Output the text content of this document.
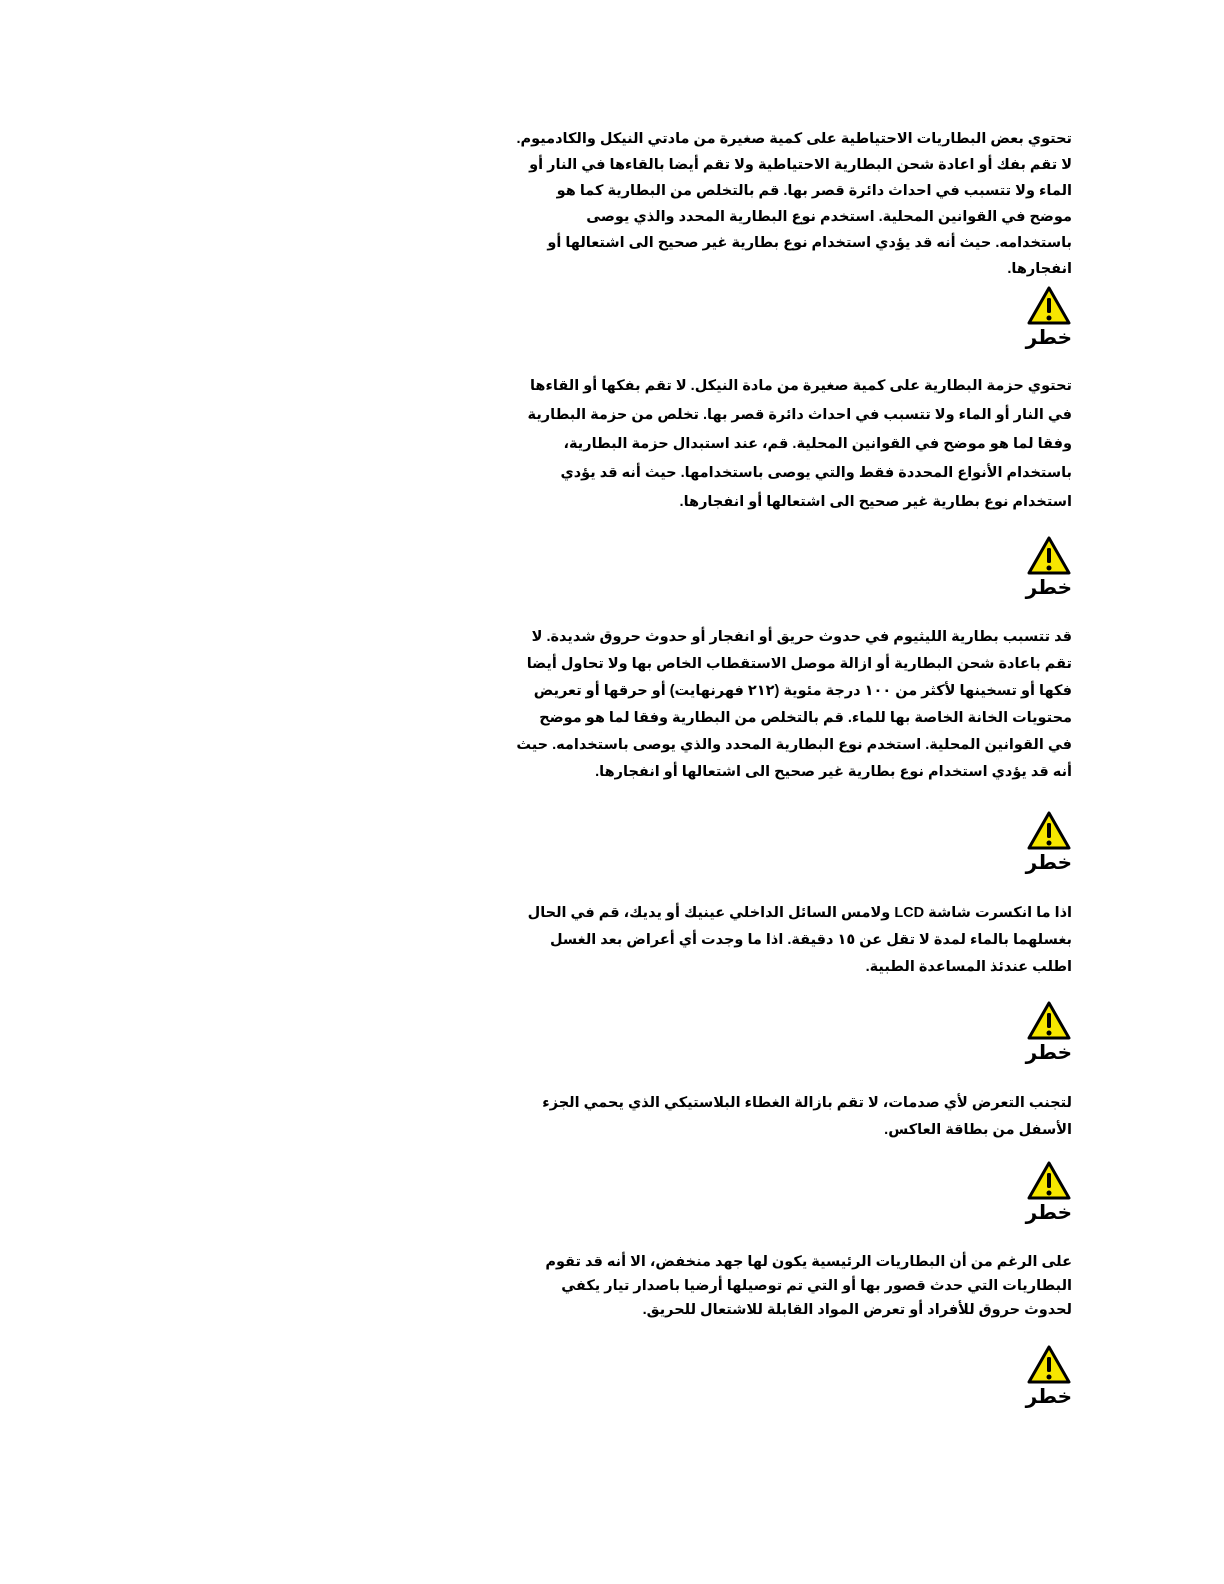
تحتوي بعض البطاريات الاحتياطية على كمية صغيرة من مادتي النيكل والكادميوم. لا تقم بفك أو اعادة شحن البطارية الاحتياطية ولا تقم أيضا بالقاءها في النار أو الماء ولا تتسبب في احداث دائرة قصر بها. قم بالتخلص من البطارية كما هو موضح في القوانين المحلية. استخدم نوع البطارية المحدد والذي يوصى باستخدامه. حيث أنه قد يؤدي استخدام نوع بطارية غير صحيح الى اشتعالها أو انفجارها.

خطر

تحتوي حزمة البطارية على كمية صغيرة من مادة النيكل. لا تقم بفكها أو القاءها في النار أو الماء ولا تتسبب في احداث دائرة قصر بها. تخلص من حزمة البطارية وفقا لما هو موضح في القوانين المحلية. قم، عند استبدال حزمة البطارية، باستخدام الأنواع المحددة فقط والتي يوصى باستخدامها. حيث أنه قد يؤدي استخدام نوع بطارية غير صحيح الى اشتعالها أو انفجارها.

خطر

قد تتسبب بطارية الليثيوم في حدوث حريق أو انفجار أو حدوث حروق شديدة. لا تقم باعادة شحن البطارية أو ازالة موصل الاستقطاب الخاص بها ولا تحاول أيضا فكها أو تسخينها لأكثر من ١٠٠ درجة مئوية (٢١٢ فهرنهايت) أو حرقها أو تعريض محتويات الخانة الخاصة بها للماء. قم بالتخلص من البطارية وفقا لما هو موضح في القوانين المحلية. استخدم نوع البطارية المحدد والذي يوصى باستخدامه. حيث أنه قد يؤدي استخدام نوع بطارية غير صحيح الى اشتعالها أو انفجارها.

خطر

اذا ما انكسرت شاشة LCD ولامس السائل الداخلي عينيك أو يديك، قم في الحال بغسلهما بالماء لمدة لا تقل عن ١٥ دقيقة. اذا ما وجدت أي أعراض بعد الغسل اطلب عندئذ المساعدة الطبية.

خطر

لتجنب التعرض لأي صدمات، لا تقم بازالة الغطاء البلاستيكي الذي يحمي الجزء الأسفل من بطاقة العاكس.

خطر

على الرغم من أن البطاريات الرئيسية يكون لها جهد منخفض، الا أنه قد تقوم البطاريات التي حدث قصور بها أو التي تم توصيلها أرضيا باصدار تيار يكفي لحدوث حروق للأفراد أو تعرض المواد القابلة للاشتعال للحريق.

خطر
